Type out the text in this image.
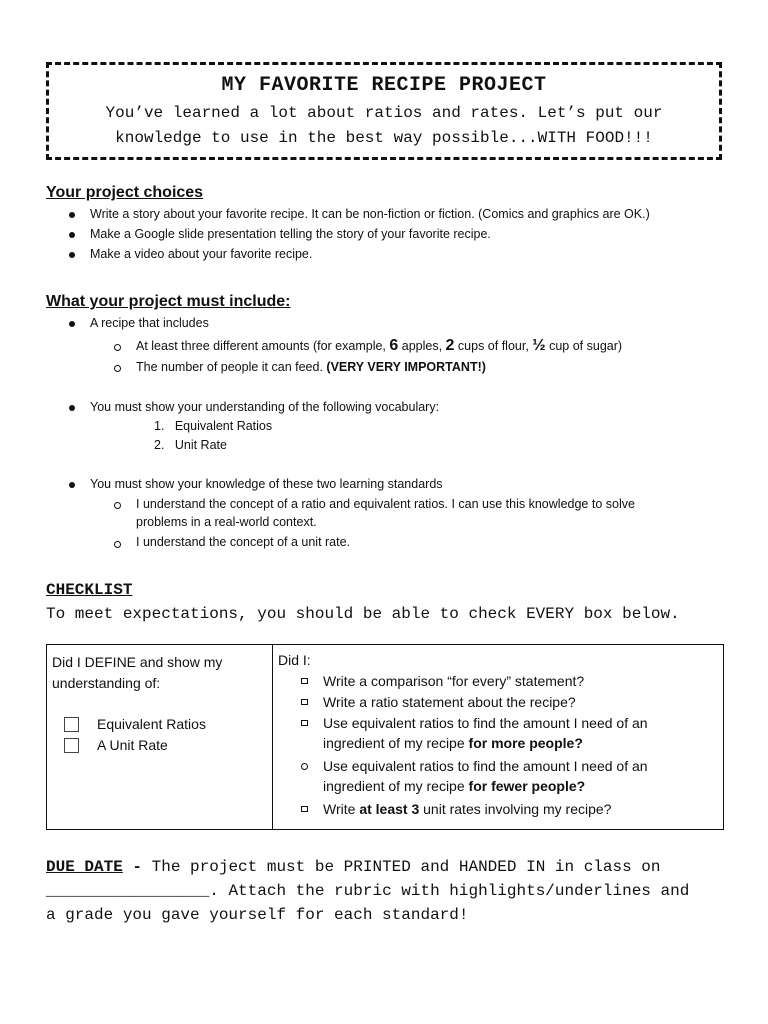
MY FAVORITE RECIPE PROJECT
You’ve learned a lot about ratios and rates. Let’s put our
knowledge to use in the best way possible...WITH FOOD!!!
Your project choices
Write a story about your favorite recipe. It can be non-fiction or fiction. (Comics and graphics are OK.)
Make a Google slide presentation telling the story of your favorite recipe.
Make a video about your favorite recipe.
What your project must include:
A recipe that includes
At least three different amounts (for example, 6 apples, 2 cups of flour, ½ cup of sugar)
The number of people it can feed. (VERY VERY IMPORTANT!)
You must show your understanding of the following vocabulary:
1.   Equivalent Ratios
2.   Unit Rate
You must show your knowledge of these two learning standards
I understand the concept of a ratio and equivalent ratios. I can use this knowledge to solve
problems in a real-world context.
I understand the concept of a unit rate.
CHECKLIST
To meet expectations, you should be able to check EVERY box below.
Did I DEFINE and show my
understanding of:
Equivalent Ratios
A Unit Rate

Did I:
Write a comparison “for every” statement?
Write a ratio statement about the recipe?
Use equivalent ratios to find the amount I need of an
ingredient of my recipe for more people?
Use equivalent ratios to find the amount I need of an
ingredient of my recipe for fewer people?
Write at least 3 unit rates involving my recipe?
DUE DATE - The project must be PRINTED and HANDED IN in class on
_________________. Attach the rubric with highlights/underlines and
a grade you gave yourself for each standard!
